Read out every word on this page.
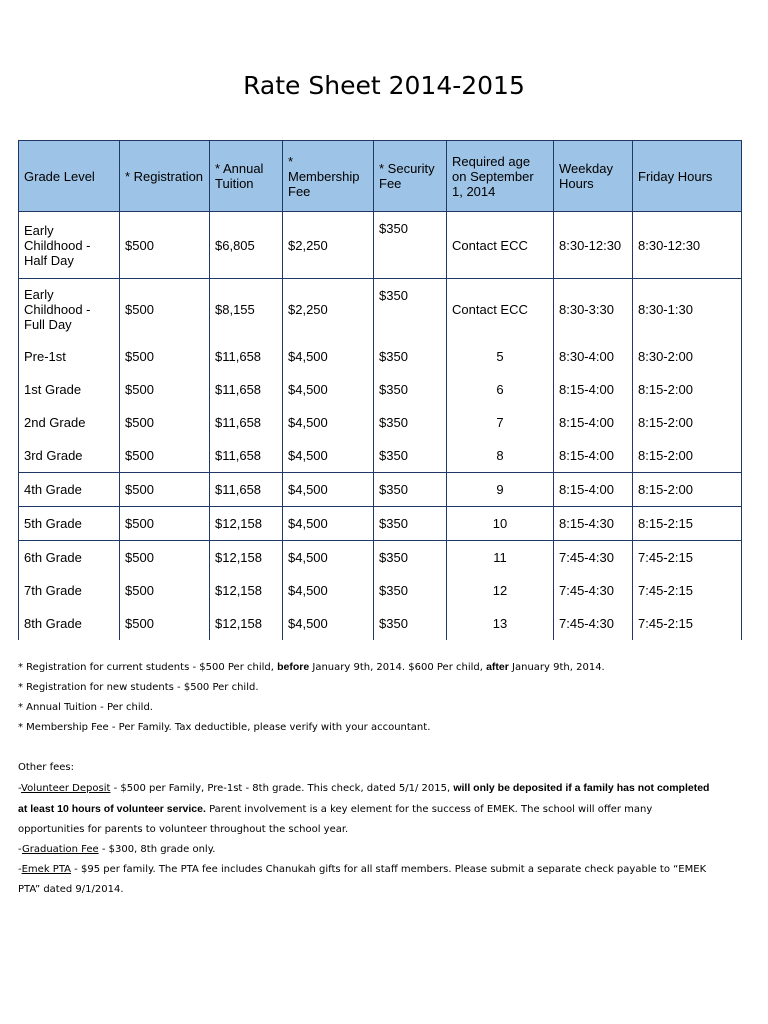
Rate Sheet 2014-2015
Grade Level	* Registration	* Annual Tuition	* Membership Fee	* Security Fee	Required age on September 1, 2014	Weekday Hours	Friday Hours
Early Childhood - Half Day	$500	$6,805	$2,250	$350	Contact ECC	8:30-12:30	8:30-12:30
Early Childhood - Full Day	$500	$8,155	$2,250	$350	Contact ECC	8:30-3:30	8:30-1:30
Pre-1st	$500	$11,658	$4,500	$350	5	8:30-4:00	8:30-2:00
1st Grade	$500	$11,658	$4,500	$350	6	8:15-4:00	8:15-2:00
2nd Grade	$500	$11,658	$4,500	$350	7	8:15-4:00	8:15-2:00
3rd Grade	$500	$11,658	$4,500	$350	8	8:15-4:00	8:15-2:00
4th Grade	$500	$11,658	$4,500	$350	9	8:15-4:00	8:15-2:00
5th Grade	$500	$12,158	$4,500	$350	10	8:15-4:30	8:15-2:15
6th Grade	$500	$12,158	$4,500	$350	11	7:45-4:30	7:45-2:15
7th Grade	$500	$12,158	$4,500	$350	12	7:45-4:30	7:45-2:15
8th Grade	$500	$12,158	$4,500	$350	13	7:45-4:30	7:45-2:15

* Registration for current students - $500 Per child, before January 9th, 2014. $600 Per child, after January 9th, 2014.

* Registration for new students - $500 Per child.

* Annual Tuition - Per child.

* Membership Fee - Per Family. Tax deductible, please verify with your accountant.

Other fees:

-Volunteer Deposit - $500 per Family, Pre-1st - 8th grade. This check, dated 5/1/ 2015, will only be deposited if a family has not completed at least 10 hours of volunteer service. Parent involvement is a key element for the success of EMEK. The school will offer many opportunities for parents to volunteer throughout the school year.

-Graduation Fee - $300, 8th grade only.

-Emek PTA - $95 per family. The PTA fee includes Chanukah gifts for all staff members. Please submit a separate check payable to “EMEK PTA” dated 9/1/2014.
